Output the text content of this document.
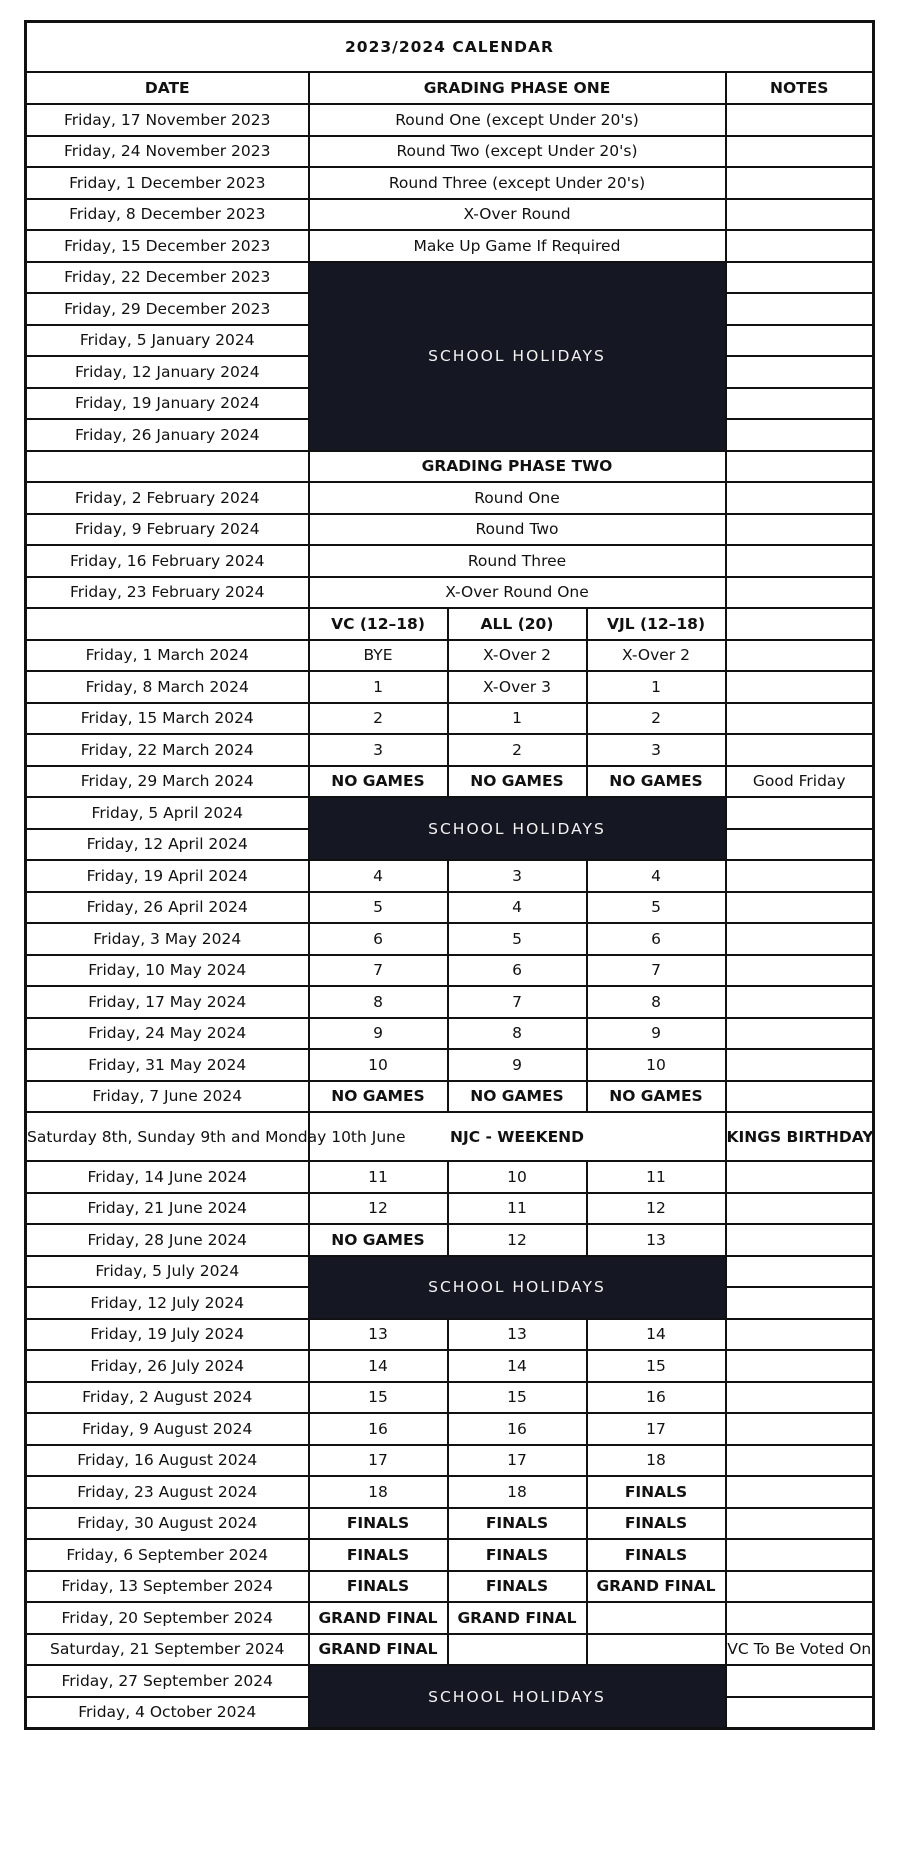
2023/2024 CALENDAR				
DATE	GRADING PHASE ONE			NOTES
Friday, 17 November 2023	Round One (except Under 20's)			
Friday, 24 November 2023	Round Two (except Under 20's)			
Friday, 1 December 2023	Round Three (except Under 20's)			
Friday, 8 December 2023	X-Over Round			
Friday, 15 December 2023	Make Up Game If Required			
Friday, 22 December 2023	SCHOOL HOLIDAYS			
Friday, 29 December 2023				
Friday, 5 January 2024				
Friday, 12 January 2024				
Friday, 19 January 2024				
Friday, 26 January 2024				
	GRADING PHASE TWO			
Friday, 2 February 2024	Round One			
Friday, 9 February 2024	Round Two			
Friday, 16 February 2024	Round Three			
Friday, 23 February 2024	X-Over Round One			
	VC (12–18)	ALL (20)	VJL (12–18)	
Friday, 1 March 2024	BYE	X-Over 2	X-Over 2	
Friday, 8 March 2024	1	X-Over 3	1	
Friday, 15 March 2024	2	1	2	
Friday, 22 March 2024	3	2	3	
Friday, 29 March 2024	NO GAMES	NO GAMES	NO GAMES	Good Friday
Friday, 5 April 2024	SCHOOL HOLIDAYS			
Friday, 12 April 2024				
Friday, 19 April 2024	4	3	4	
Friday, 26 April 2024	5	4	5	
Friday, 3 May 2024	6	5	6	
Friday, 10 May 2024	7	6	7	
Friday, 17 May 2024	8	7	8	
Friday, 24 May 2024	9	8	9	
Friday, 31 May 2024	10	9	10	
Friday, 7 June 2024	NO GAMES	NO GAMES	NO GAMES	
Saturday 8th, Sunday 9th and Monday 10th June	NJC - WEEKEND			KINGS BIRTHDAY
Friday, 14 June 2024	11	10	11	
Friday, 21 June 2024	12	11	12	
Friday, 28 June 2024	NO GAMES	12	13	
Friday, 5 July 2024	SCHOOL HOLIDAYS			
Friday, 12 July 2024				
Friday, 19 July 2024	13	13	14	
Friday, 26 July 2024	14	14	15	
Friday, 2 August 2024	15	15	16	
Friday, 9 August 2024	16	16	17	
Friday, 16 August 2024	17	17	18	
Friday, 23 August 2024	18	18	FINALS	
Friday, 30 August 2024	FINALS	FINALS	FINALS	
Friday, 6 September 2024	FINALS	FINALS	FINALS	
Friday, 13 September 2024	FINALS	FINALS	GRAND FINAL	
Friday, 20 September 2024	GRAND FINAL	GRAND FINAL		
Saturday, 21 September 2024	GRAND FINAL			VC To Be Voted On
Friday, 27 September 2024	SCHOOL HOLIDAYS			
Friday, 4 October 2024				
